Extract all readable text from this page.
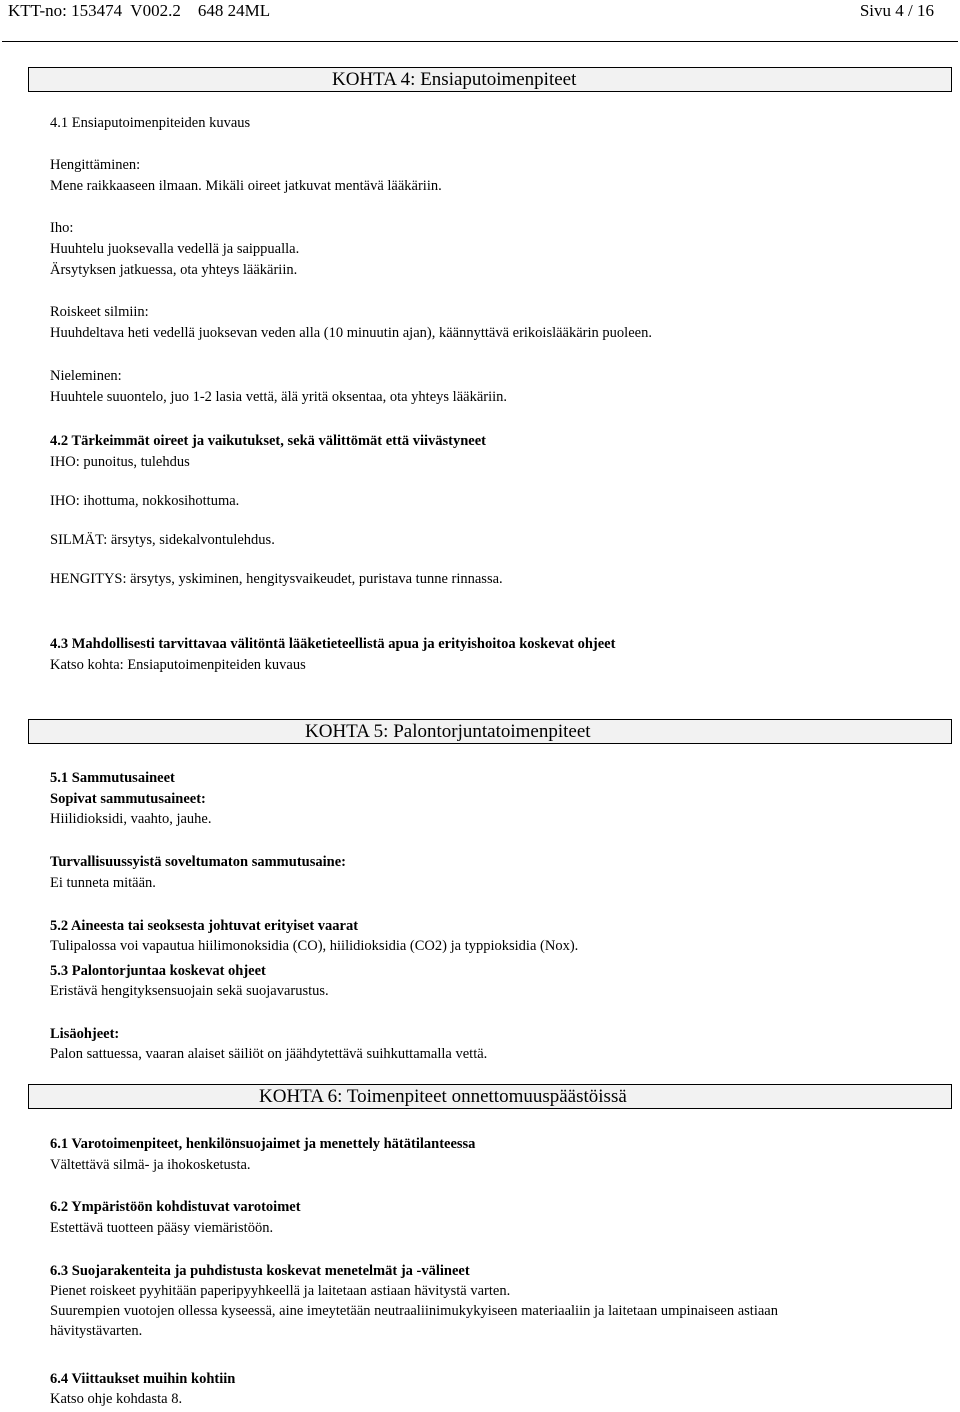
KTT-no: 153474  V002.2    648 24ML	Sivu 4 / 16
KOHTA 4: Ensiaputoimenpiteet
4.1 Ensiaputoimenpiteiden kuvaus
Hengittäminen:
Mene raikkaaseen ilmaan. Mikäli oireet jatkuvat mentävä lääkäriin.
Iho:
Huuhtelu juoksevalla vedellä ja saippualla.
Ärsytyksen jatkuessa, ota yhteys lääkäriin.
Roiskeet silmiin:
Huuhdeltava heti vedellä juoksevan veden alla (10 minuutin ajan), käännyttävä erikoislääkärin puoleen.
Nieleminen:
Huuhtele suuontelo, juo 1-2 lasia vettä, älä yritä oksentaa, ota yhteys lääkäriin.
4.2 Tärkeimmät oireet ja vaikutukset, sekä välittömät että viivästyneet
IHO: punoitus, tulehdus
IHO: ihottuma, nokkosihottuma.
SILMÄT: ärsytys, sidekalvontulehdus.
HENGITYS: ärsytys, yskiminen, hengitysvaikeudet, puristava tunne rinnassa.
4.3 Mahdollisesti tarvittavaa välitöntä lääketieteellistä apua ja erityishoitoa koskevat ohjeet
Katso kohta: Ensiaputoimenpiteiden kuvaus
KOHTA 5: Palontorjuntatoimenpiteet
5.1 Sammutusaineet
Sopivat sammutusaineet:
Hiilidioksidi, vaahto, jauhe.
Turvallisuussyistä soveltumaton sammutusaine:
Ei tunneta mitään.
5.2 Aineesta tai seoksesta johtuvat erityiset vaarat
Tulipalossa voi vapautua hiilimonoksidia (CO), hiilidioksidia (CO2) ja typpioksidia (Nox).
5.3 Palontorjuntaa koskevat ohjeet
Eristävä hengityksensuojain sekä suojavarustus.
Lisäohjeet:
Palon sattuessa, vaaran alaiset säiliöt on jäähdytettävä suihkuttamalla vettä.
KOHTA 6: Toimenpiteet onnettomuuspäästöissä
6.1 Varotoimenpiteet, henkilönsuojaimet ja menettely hätätilanteessa
Vältettävä silmä- ja ihokosketusta.
6.2 Ympäristöön kohdistuvat varotoimet
Estettävä tuotteen pääsy viemäristöön.
6.3 Suojarakenteita ja puhdistusta koskevat menetelmät ja -välineet
Pienet roiskeet pyyhitään paperipyyhkeellä ja laitetaan astiaan hävitystä varten.
Suurempien vuotojen ollessa kyseessä, aine imeytetään neutraaliinimukykyiseen materiaaliin ja laitetaan umpinaiseen astiaan
hävitystävarten.
6.4 Viittaukset muihin kohtiin
Katso ohje kohdasta 8.
